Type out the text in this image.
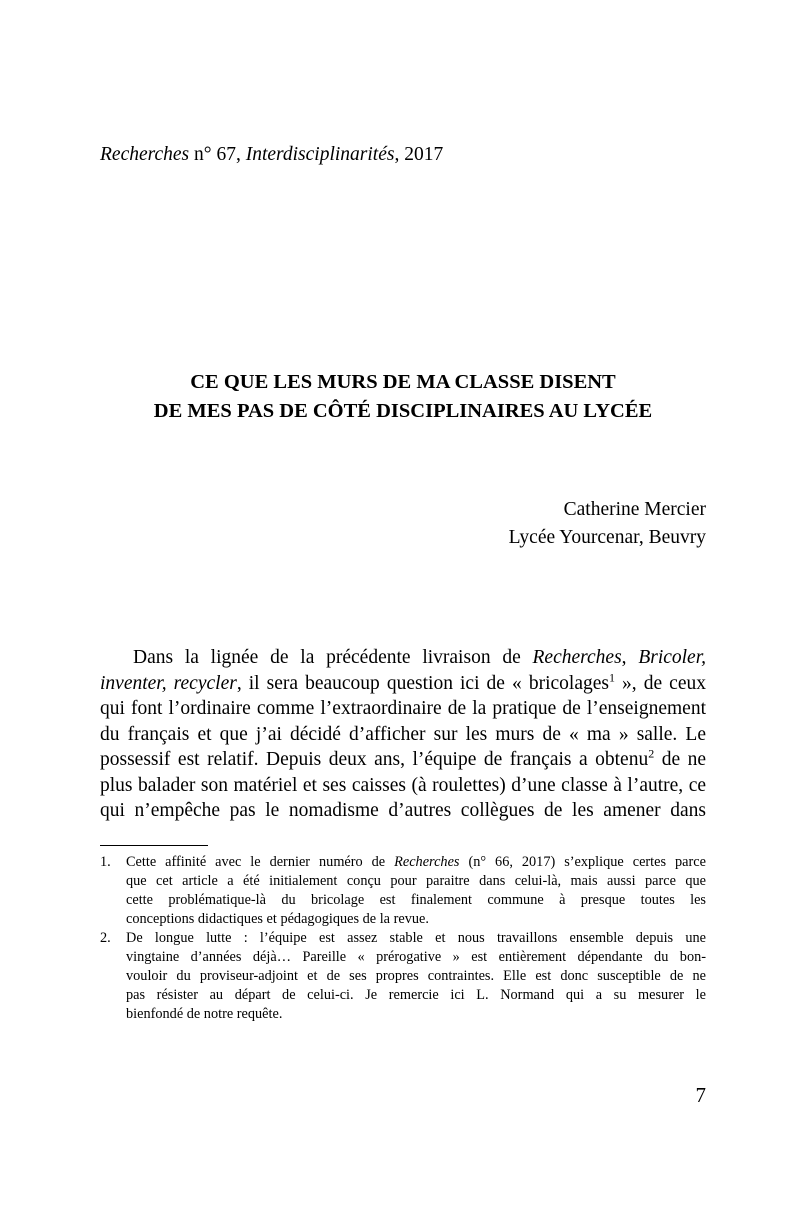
Recherches n° 67, Interdisciplinarités, 2017
CE QUE LES MURS DE MA CLASSE DISENT
DE MES PAS DE CÔTÉ DISCIPLINAIRES AU LYCÉE
Catherine Mercier
Lycée Yourcenar, Beuvry
Dans la lignée de la précédente livraison de Recherches, Bricoler,
inventer, recycler, il sera beaucoup question ici de « bricolages$^1$ », de ceux
qui font l’ordinaire comme l’extraordinaire de la pratique de l’enseignement
du français et que j’ai décidé d’afficher sur les murs de « ma » salle. Le
possessif est relatif. Depuis deux ans, l’équipe de français a obtenu$^2$ de ne
plus balader son matériel et ses caisses (à roulettes) d’une classe à l’autre, ce
qui n’empêche pas le nomadisme d’autres collègues de les amener dans
1. Cette affinité avec le dernier numéro de Recherches (n° 66, 2017) s’explique certes parce
que cet article a été initialement conçu pour paraitre dans celui-là, mais aussi parce que
cette problématique-là du bricolage est finalement commune à presque toutes les
conceptions didactiques et pédagogiques de la revue.
2. De longue lutte : l’équipe est assez stable et nous travaillons ensemble depuis une
vingtaine d’années déjà… Pareille « prérogative » est entièrement dépendante du bon-
vouloir du proviseur-adjoint et de ses propres contraintes. Elle est donc susceptible de ne
pas résister au départ de celui-ci. Je remercie ici L. Normand qui a su mesurer le
bienfondé de notre requête.
7
